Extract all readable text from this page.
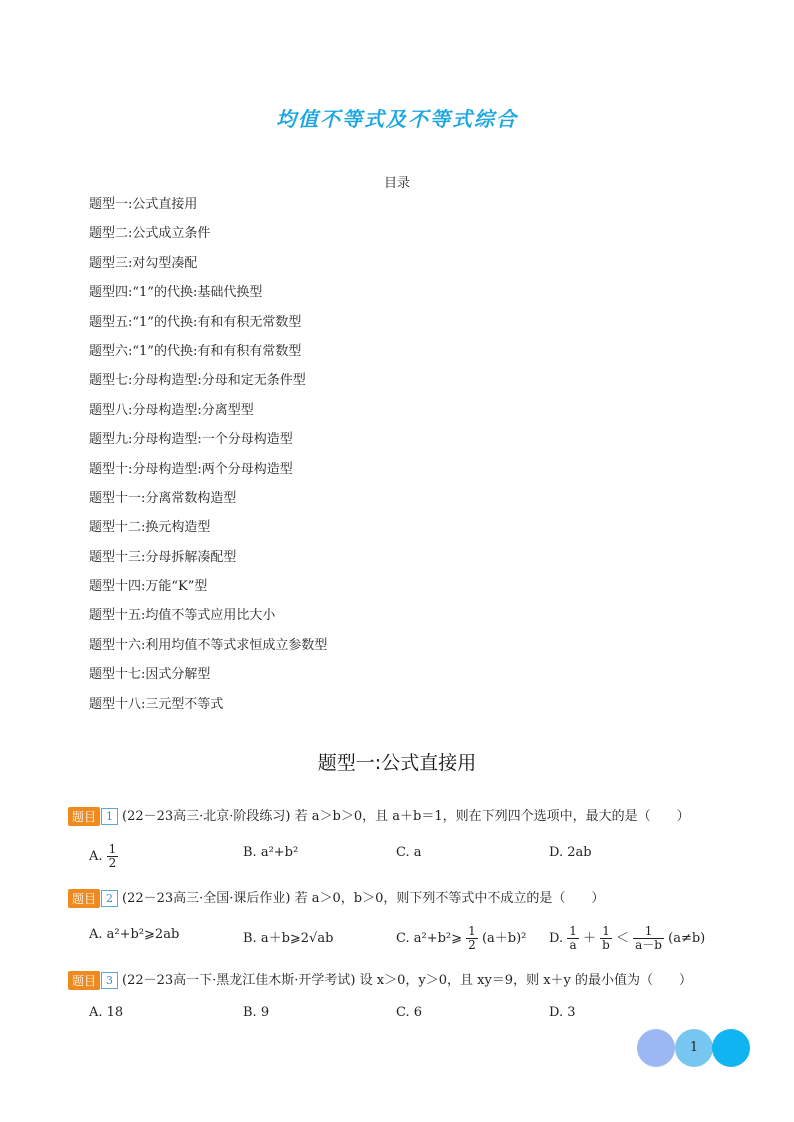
均值不等式及不等式综合
目录
题型一:公式直接用
题型二:公式成立条件
题型三:对勾型凑配
题型四:“1”的代换:基础代换型
题型五:“1”的代换:有和有积无常数型
题型六:“1”的代换:有和有积有常数型
题型七:分母构造型:分母和定无条件型
题型八:分母构造型:分离型型
题型九:分母构造型:一个分母构造型
题型十:分母构造型:两个分母构造型
题型十一:分离常数构造型
题型十二:换元构造型
题型十三:分母拆解凑配型
题型十四:万能“K”型
题型十五:均值不等式应用比大小
题型十六:利用均值不等式求恒成立参数型
题型十七:因式分解型
题型十八:三元型不等式
题型一:公式直接用
题目 1 (22－23高三·北京·阶段练习) 若 a＞b＞0，且 a＋b＝1，则在下列四个选项中，最大的是（　　）
A. $\frac{1}{2}$	B. a²+b²	C. a	D. 2ab
题目 2 (22－23高三·全国·课后作业) 若 a＞0，b＞0，则下列不等式中不成立的是（　　）
A. a²+b²⩾2ab	B. a＋b⩾2√ab	C. a²+b²⩾ $\frac{1}{2} (a+b)^2$ D. $\frac{1}{a} + \frac{1}{b} < \frac{1}{a-b} (a\ne b)$
题目 3 (22－23高一下·黑龙江佳木斯·开学考试) 设 x＞0，y＞0，且 xy＝9，则 x＋y 的最小值为（　　）
A. 18	B. 9	C. 6	D. 3
1
